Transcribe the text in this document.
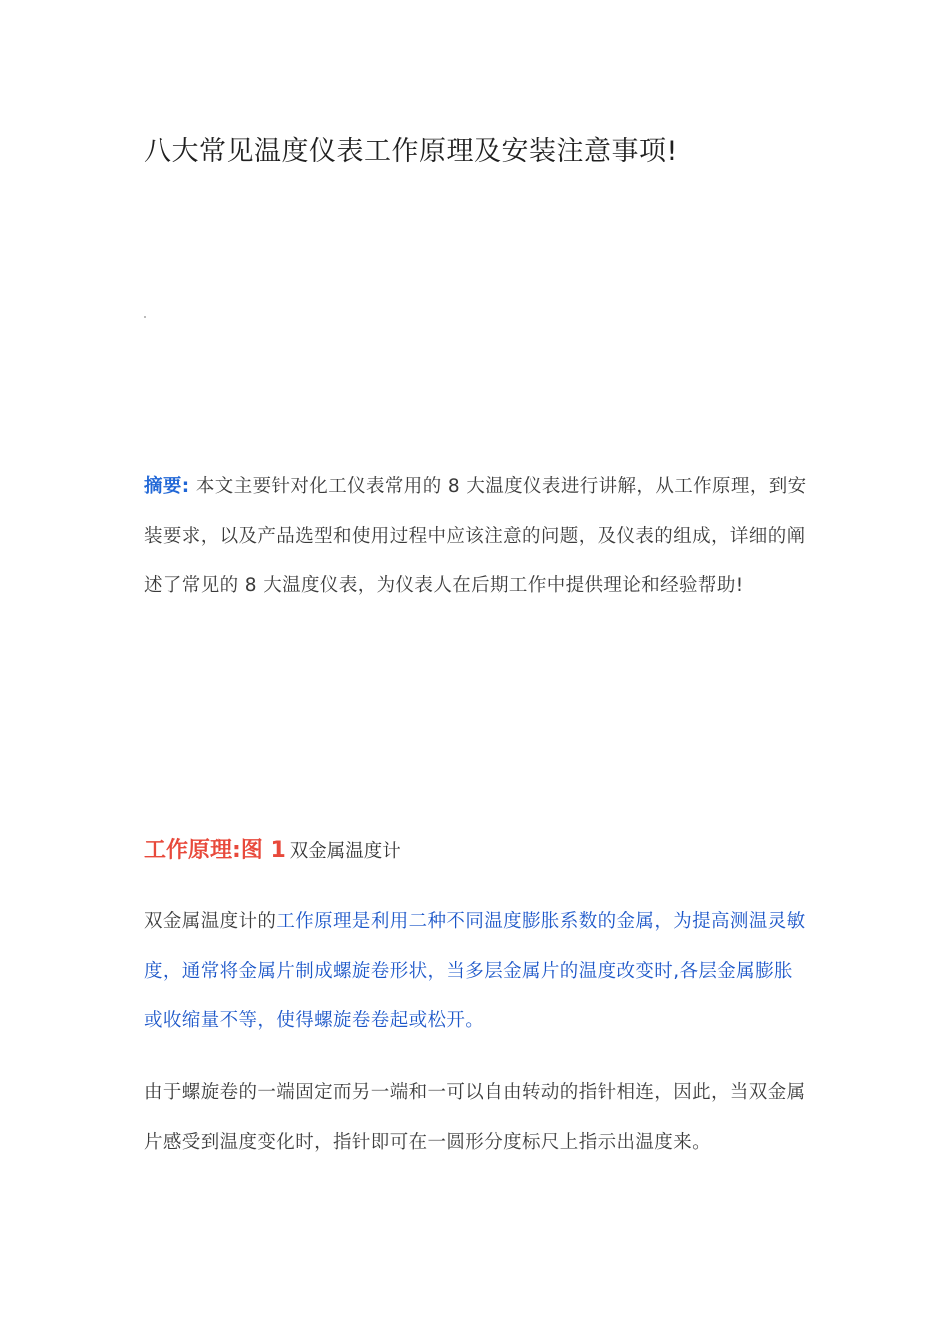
八大常见温度仪表工作原理及安装注意事项!
摘要: 本文主要针对化工仪表常用的 8 大温度仪表进行讲解，从工作原理，到安装要求，以及产品选型和使用过程中应该注意的问题，及仪表的组成，详细的阐述了常见的 8 大温度仪表，为仪表人在后期工作中提供理论和经验帮助!
工作原理:图 1 双金属温度计
双金属温度计的工作原理是利用二种不同温度膨胀系数的金属，为提高测温灵敏度，通常将金属片制成螺旋卷形状，当多层金属片的温度改变时,各层金属膨胀或收缩量不等，使得螺旋卷卷起或松开。
由于螺旋卷的一端固定而另一端和一可以自由转动的指针相连，因此，当双金属片感受到温度变化时，指针即可在一圆形分度标尺上指示出温度来。
